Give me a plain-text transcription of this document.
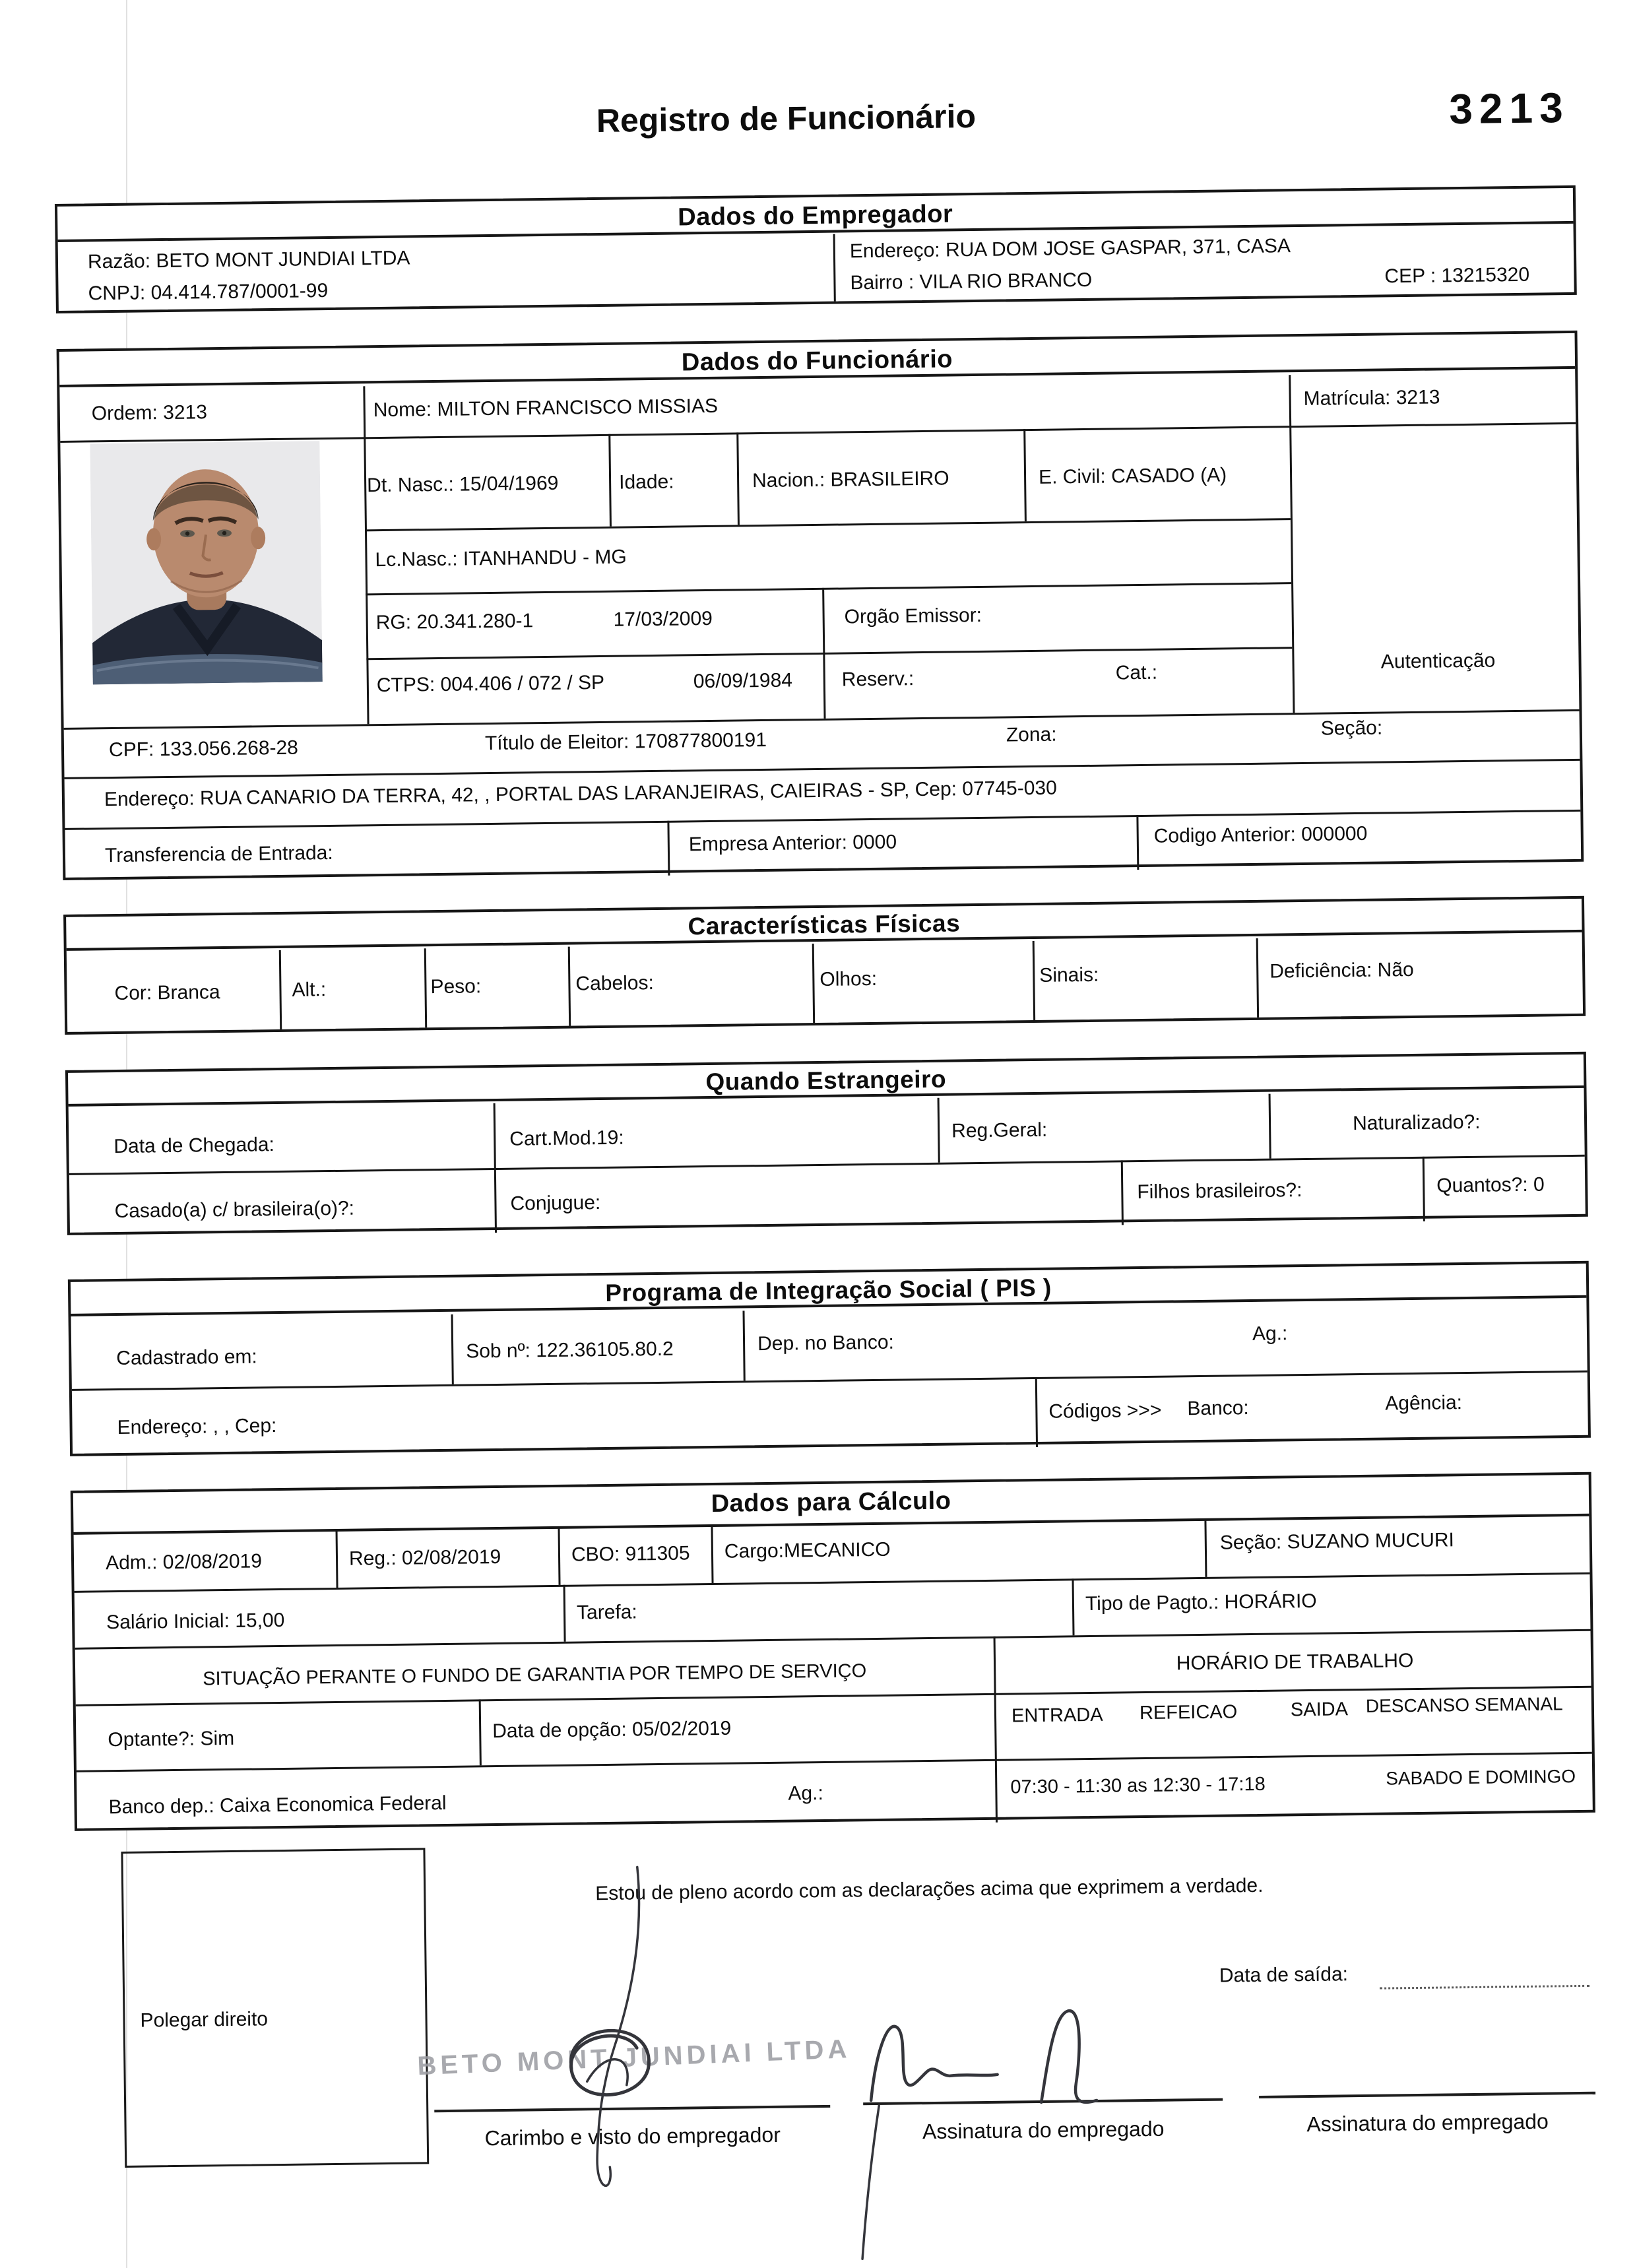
Registro de Funcionário	3213
Dados do Empregador
Razão: BETO MONT JUNDIAI LTDA
CNPJ: 04.414.787/0001-99
Endereço: RUA DOM JOSE GASPAR, 371, CASA
Bairro : VILA RIO BRANCO	CEP : 13215320
Dados do Funcionário
Ordem: 3213	Nome: MILTON FRANCISCO MISSIAS	Matrícula: 3213
Dt. Nasc.: 15/04/1969	Idade:	Nacion.: BRASILEIRO	E. Civil: CASADO (A)
Lc.Nasc.: ITANHANDU - MG
RG: 20.341.280-1	17/03/2009	Orgão Emissor:
CTPS: 004.406 / 072 / SP	06/09/1984 Reserv.:	Cat.:
Autenticação
CPF: 133.056.268-28	Título de Eleitor: 170877800191	Zona:	Seção:
Endereço: RUA CANARIO DA TERRA, 42, , PORTAL DAS LARANJEIRAS, CAIEIRAS - SP, Cep: 07745-030
Transferencia de Entrada:	Empresa Anterior: 0000	Codigo Anterior: 000000
Características Físicas
Cor: Branca	Alt.:	Peso:	Cabelos:	Olhos:	Sinais:	Deficiência: Não
Quando Estrangeiro
Data de Chegada:	Cart.Mod.19:	Reg.Geral:	Naturalizado?:
Casado(a) c/ brasileira(o)?:	Conjugue:
Filhos brasileiros?:	Quantos?: 0
Programa de Integração Social ( PIS )
Cadastrado em:	Sob nº: 122.36105.80.2	Dep. no Banco:	Ag.:
Endereço: , , Cep:
Códigos >>> Banco:	Agência:
Dados para Cálculo
Adm.: 02/08/2019	Reg.: 02/08/2019	CBO: 911305 Cargo:MECANICO	Seção: SUZANO MUCURI
Salário Inicial: 15,00	Tarefa:	Tipo de Pagto.: HORÁRIO
SITUAÇÃO PERANTE O FUNDO DE GARANTIA POR TEMPO DE SERVIÇO	HORÁRIO DE TRABALHO
Optante?: Sim	Data de opção: 05/02/2019
ENTRADA REFEICAO	SAIDA DESCANSO SEMANAL
Banco dep.: Caixa Economica Federal	Ag.:	07:30 - 11:30 as 12:30 - 17:18	SABADO E DOMINGO
Estou de pleno acordo com as declarações acima que exprimem a verdade.
Polegar direito
Data de saída:
BETO MONT JUNDIAI LTDA
Carimbo e visto do empregador	Assinatura do empregado	Assinatura do empregado
